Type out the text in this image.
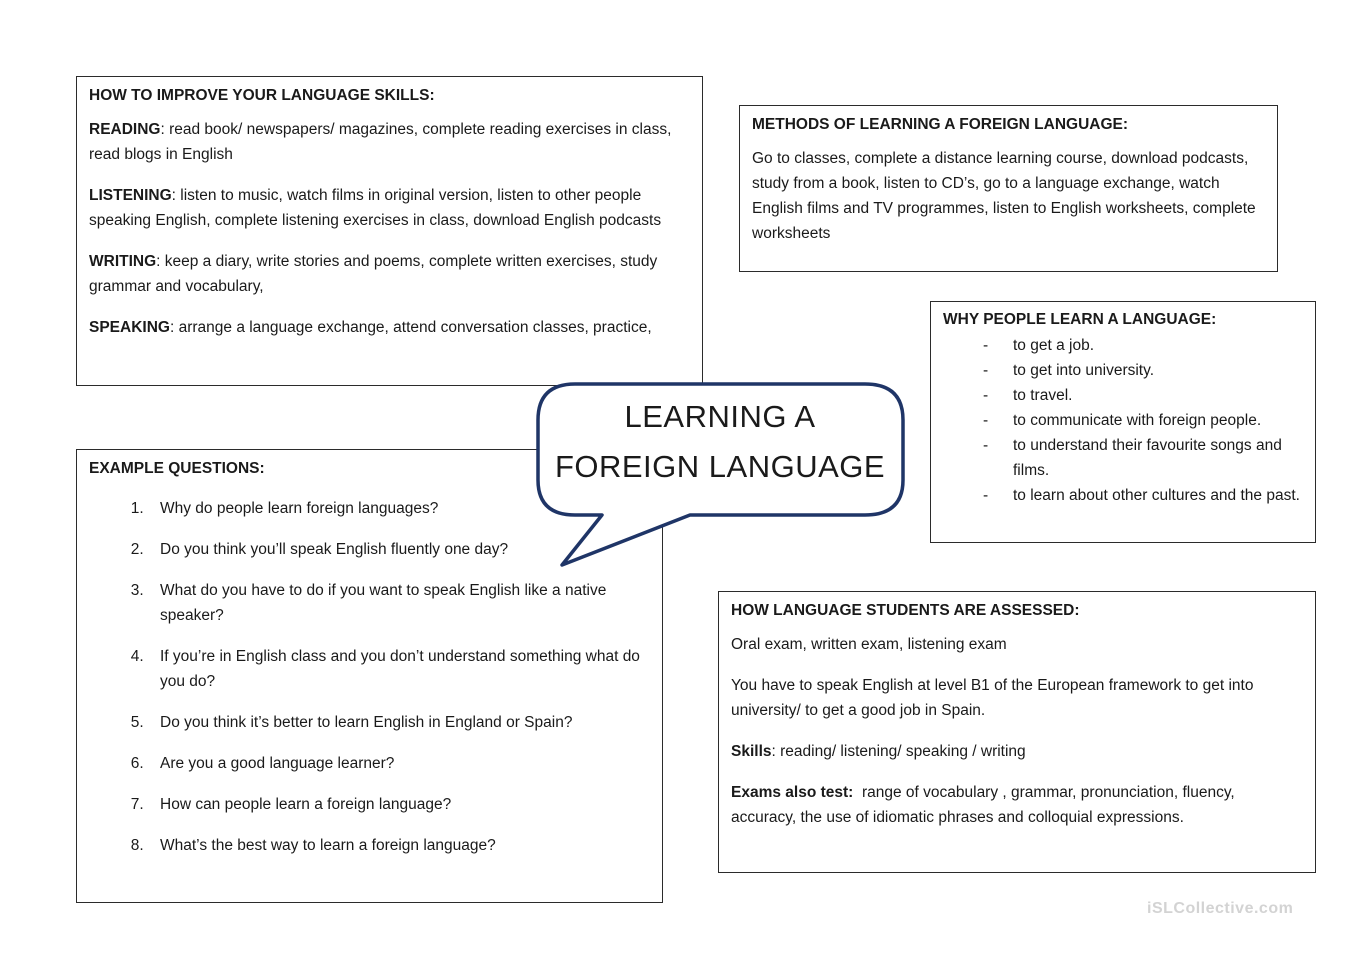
HOW TO IMPROVE YOUR LANGUAGE SKILLS:

READING: read book/ newspapers/ magazines, complete reading exercises in class, read blogs in English

LISTENING: listen to music, watch films in original version, listen to other people speaking English, complete listening exercises in class, download English podcasts

WRITING: keep a diary, write stories and poems, complete written exercises, study grammar and vocabulary,

SPEAKING: arrange a language exchange, attend conversation classes, practice,

METHODS OF LEARNING A FOREIGN LANGUAGE:

Go to classes, complete a distance learning course, download podcasts, study from a book, listen to CD’s, go to a language exchange, watch English films and TV programmes, listen to English worksheets, complete worksheets

WHY PEOPLE LEARN A LANGUAGE:
- to get a job.
- to get into university.
- to travel.
- to communicate with foreign people.
- to understand their favourite songs and films.
- to learn about other cultures and the past.
EXAMPLE QUESTIONS:
1. Why do people learn foreign languages?
2. Do you think you’ll speak English fluently one day?
3. What do you have to do if you want to speak English like a native speaker?
4. If you’re in English class and you don’t understand something what do you do?
5. Do you think it’s better to learn English in England or Spain?
6. Are you a good language learner?
7. How can people learn a foreign language?
8. What’s the best way to learn a foreign language?
HOW LANGUAGE STUDENTS ARE ASSESSED:

Oral exam, written exam, listening exam

You have to speak English at level B1 of the European framework to get into university/ to get a good job in Spain.

Skills: reading/ listening/ speaking / writing

Exams also test:  range of vocabulary , grammar, pronunciation, fluency, accuracy, the use of idiomatic phrases and colloquial expressions.

LEARNING A
FOREIGN LANGUAGE
iSLCollective.com
